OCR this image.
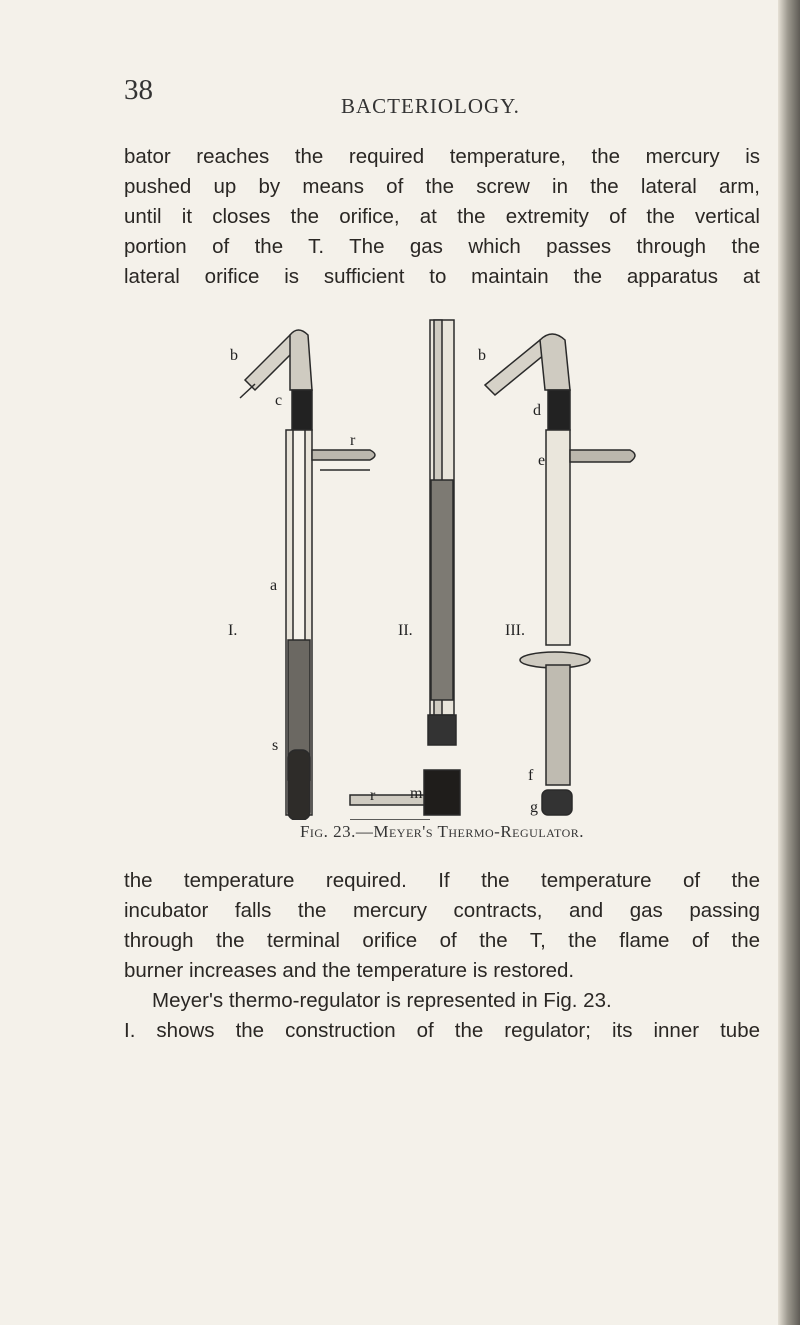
38	BACTERIOLOGY.

bator reaches the required temperature, the mercury is
pushed up by means of the screw in the lateral arm,
until it closes the orifice, at the extremity of the vertical
portion of the T. The gas which passes through the
lateral orifice is sufficient to maintain the apparatus at

I.
a
b
c
r
s
II.
r m
III.
b
d
e
f
g
Fig. 23.—Meyer's Thermo-Regulator.

the temperature required. If the temperature of the
incubator falls the mercury contracts, and gas passing
through the terminal orifice of the T, the flame of the
burner increases and the temperature is restored.

Meyer's thermo-regulator is represented in Fig. 23.
I. shows the construction of the regulator; its inner tube
